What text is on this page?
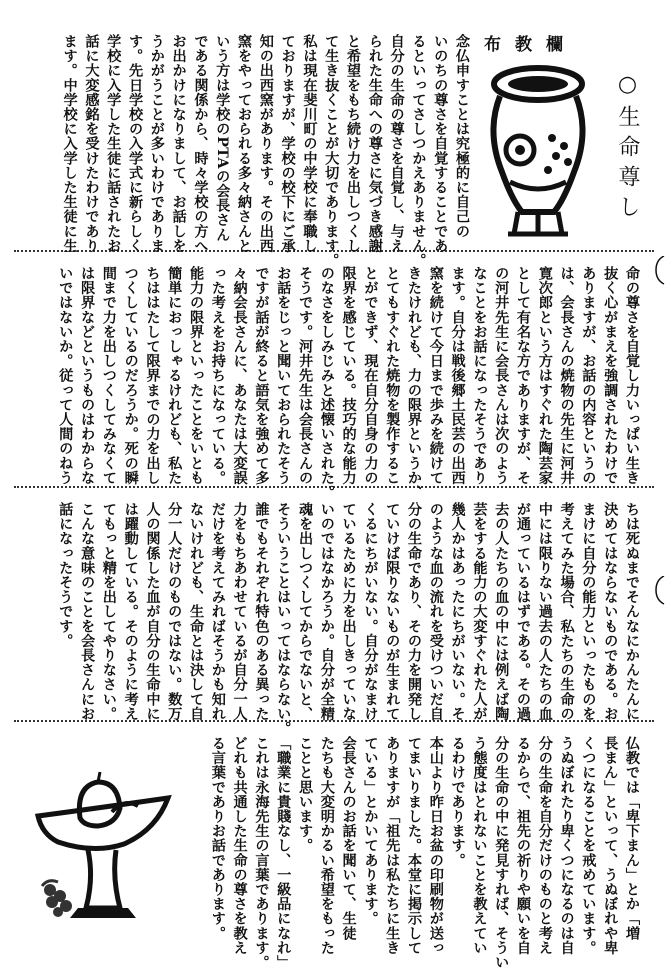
布教欄
○生命尊し
念仏申すことは究極的に自己の
いのちの尊さを自覚することであ
るといってさしつかえありません。
自分の生命の尊さを自覚し、与え
られた生命への尊さに気づき感謝
と希望をもち続け力を出しつくし
て生き抜くことが大切であります。
私は現在斐川町の中学校に奉職し
ておりますが、学校の校下にご承
知の出西窯があります。その出西
窯をやっておられる多々納さんと
いう方は学校のPTAの会長さん
である関係から、時々学校の方へ
お出かけになりまして、お話しを
うかがうことが多いわけでありま
す。先日学校の入学式に新らしく
学校に入学した生徒に話されたお
話に大変感銘を受けたわけであり
ます。中学校に入学した生徒に生
命の尊さを自覚し力いっぱい生き
抜く心がまえを強調されたわけで
ありますが、お話の内容というの
は、会長さんの焼物の先生に河井
寛次郎という方はすぐれた陶芸家
として有名な方でありますが、そ
の河井先生に会長さんは次のよう
なことをお話になったそうであり
ます。自分は戦後郷土民芸の出西
窯を続けて今日まで歩みを続けて
きたけれども、力の限界というか、
とてもすぐれた焼物を製作するこ
とができず、現在自分自身の力の
限界を感じている。技巧的な能力
のなさをしみじみと述懐いされた。
そうです。河井先生は会長さんの
お話をじっと聞いておられたそう
ですが話が終ると語気を強めて多
々納会長さんに、あなたは大変誤
った考えをお持ちになっている。
能力の限界といったことをいとも
簡単におっしゃるけれども、私た
ちははたして限界までの力を出し
つくしているのだろうか。死の瞬
間まで力を出しつくしてみなくて
は限界などというものはわからな
いではないか。従って人間のねう
ちは死ぬまでそんなにかんたんに
決めてはならないものである。お
まけに自分の能力といったものを
考えてみた場合、私たちの生命の
中には限りない過去の人たちの血
が通っているはずである。その過
去の人たちの血の中には例えば陶
芸をする能力の大変すぐれた人が
幾人かはあったにちがいない。そ
のような血の流れを受けついだ自
分の生命であり、その力を開発し
ていけば限りないものが生まれて
くるにちがいない。自分がなまけ
ているために力を出しきっていな
いのではなかろうか。自分が全精
魂を出しつくしてからでないと、
そういうことはいってはならない。
誰でもそれぞれ特色のある異った
力をもちあわせているが自分一人
だけを考えてみればそうかも知れ
ないけれども、生命とは決して自
分一人だけのものではない。数万
人の関係した血が自分の生命中に
は躍動している。そのように考え
てもっと精を出してやりなさい。
こんな意味のことを会長さんにお
話になったそうです。
仏教では「卑下まん」とか「増
長まん」といって、うぬぼれや卑
くつになることを戒めています。
うぬぼれたり卑くつになるのは自
分の生命を自分だけのものと考え
るからで、祖先の祈りや願いを自
分の生命の中に発見すれば、そうい
う態度はとれないことを教えてい
るわけであります。
本山より昨日お盆の印刷物が送っ
てまいりました。本堂に掲示して
ありますが「祖先は私たちに生き
ている」とかいてあります。
会長さんのお話を聞いて、生徒
たちも大変明かるい希望をもった
ことと思います。
「職業に貴賤なし、一級品になれ」
これは永海先生の言葉であります。
どれも共通した生命の尊さを教え
る言葉でありお話であります。
